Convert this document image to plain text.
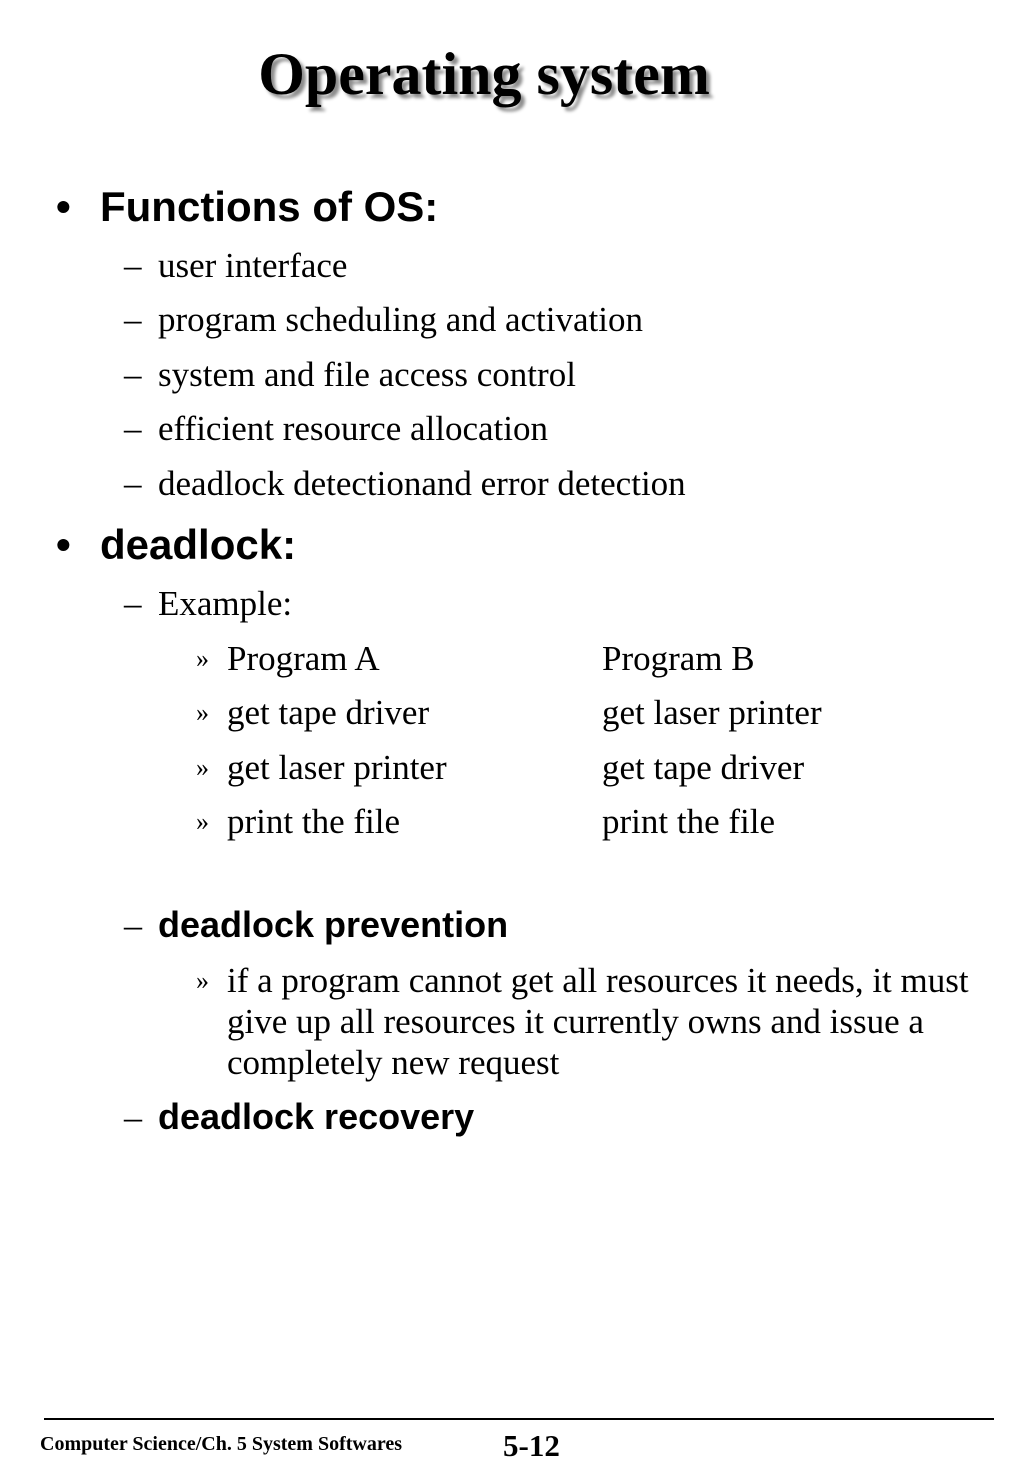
Operating system
• Functions of OS:
– user interface
– program scheduling and activation
– system and file access control
– efficient resource allocation
– deadlock detectionand error detection
• deadlock:
– Example:
» Program A	Program B
» get tape driver	get laser printer
» get laser printer	get tape driver
» print the file	print the file
– deadlock prevention
» if a program cannot get all resources it needs, it must give up all resources it currently owns and issue a completely new request
– deadlock recovery
Computer Science/Ch. 5 System Softwares	5-12
